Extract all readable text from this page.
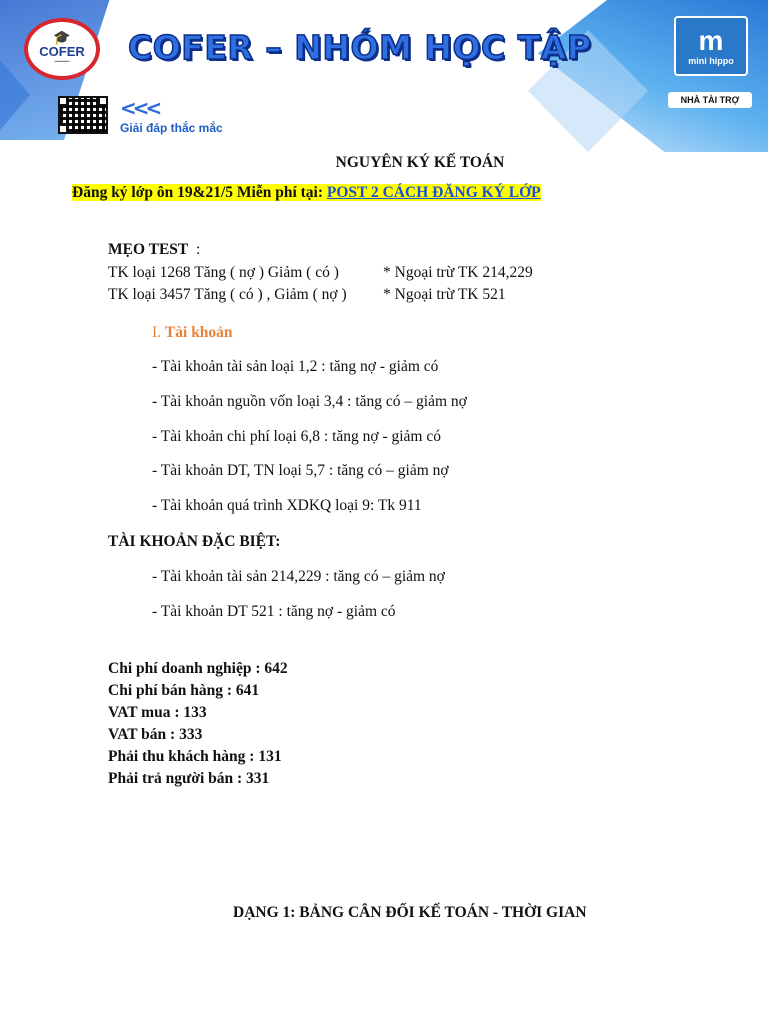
🎓
COFER
━━━━━ COFER – NHÓM HỌC TẬP
<<<
Giải đáp thắc mắc
m
mini hippo
NHÀ TÀI TRỢ
NGUYÊN KÝ KẾ TOÁN
Đăng ký lớp ôn 19&21/5 Miễn phí tại: POST 2 CÁCH ĐĂNG KÝ LỚP
MẸO TEST :
TK loại 1268 Tăng ( nợ ) Giảm ( có )	* Ngoại trừ TK 214,229
TK loại 3457 Tăng ( có ) , Giảm ( nợ ) * Ngoại trừ TK 521
I. Tài khoản
- Tài khoản tài sản loại 1,2 : tăng nợ - giảm có
- Tài khoản nguồn vốn loại 3,4 : tăng có – giảm nợ
- Tài khoản chi phí loại 6,8 : tăng nợ - giảm có
- Tài khoản DT, TN loại 5,7 : tăng có – giảm nợ
- Tài khoản quá trình XDKQ loại 9: Tk 911
TÀI KHOẢN ĐẶC BIỆT:
- Tài khoản tài sản 214,229 : tăng có – giảm nợ
- Tài khoản DT 521 : tăng nợ - giảm có
Chi phí doanh nghiệp : 642
Chi phí bán hàng : 641
VAT mua : 133
VAT bán : 333
Phải thu khách hàng : 131
Phải trả người bán : 331
DẠNG 1: BẢNG CÂN ĐỐI KẾ TOÁN - THỜI GIAN
